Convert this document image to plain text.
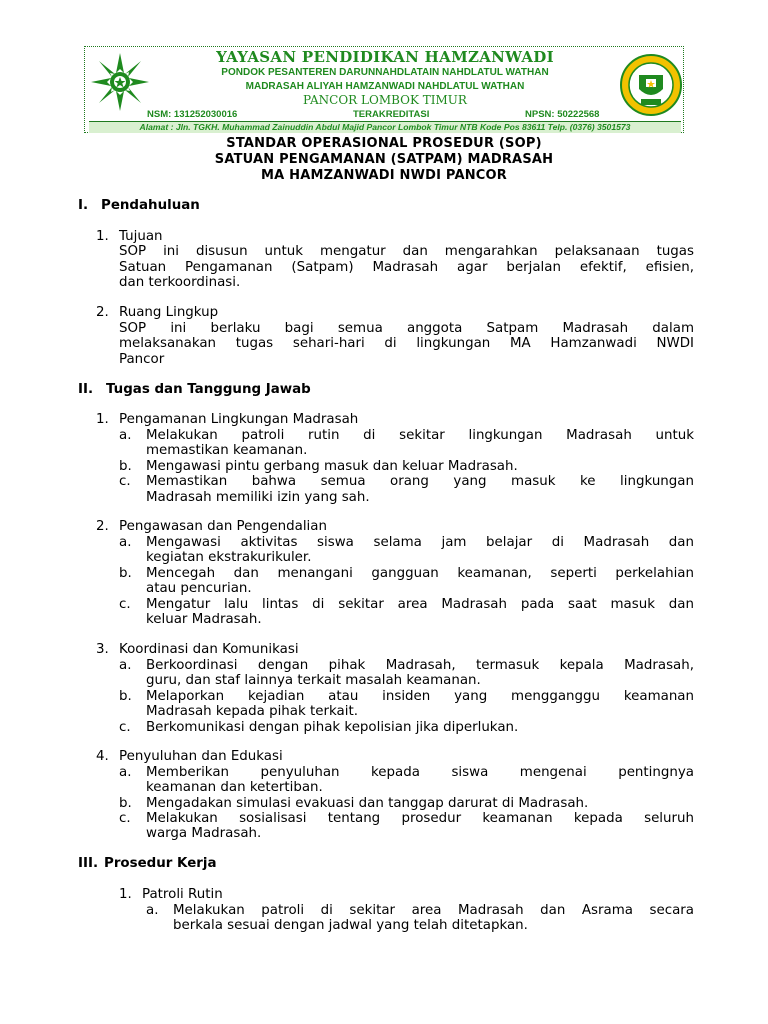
YAYASAN PENDIDIKAN HAMZANWADI
PONDOK PESANTEREN DARUNNAHDLATAIN NAHDLATUL WATHAN
MADRASAH ALIYAH HAMZANWADI NAHDLATUL WATHAN
PANCOR LOMBOK TIMUR
NSM: 131252030016	TERAKREDITASI	NPSN: 50222568
Alamat : Jln. TGKH. Muhammad Zainuddin Abdul Majid Pancor Lombok Timur NTB Kode Pos 83611 Telp. (0376) 3501573
STANDAR OPERASIONAL PROSEDUR (SOP)
SATUAN PENGAMANAN (SATPAM) MADRASAH
MA HAMZANWADI NWDI PANCOR
I. Pendahuluan
1. Tujuan
SOP ini disusun untuk mengatur dan mengarahkan pelaksanaan tugas
Satuan Pengamanan (Satpam) Madrasah agar berjalan efektif, efisien,
dan terkoordinasi.
2. Ruang Lingkup
SOP ini berlaku bagi semua anggota Satpam Madrasah dalam
melaksanakan tugas sehari-hari di lingkungan MA Hamzanwadi NWDI
Pancor
II. Tugas dan Tanggung Jawab
1. Pengamanan Lingkungan Madrasah
a. Melakukan patroli rutin di sekitar lingkungan Madrasah untuk
memastikan keamanan.
b. Mengawasi pintu gerbang masuk dan keluar Madrasah.
c. Memastikan bahwa semua orang yang masuk ke lingkungan
Madrasah memiliki izin yang sah.
2. Pengawasan dan Pengendalian
a. Mengawasi aktivitas siswa selama jam belajar di Madrasah dan
kegiatan ekstrakurikuler.
b. Mencegah dan menangani gangguan keamanan, seperti perkelahian
atau pencurian.
c. Mengatur lalu lintas di sekitar area Madrasah pada saat masuk dan
keluar Madrasah.
3. Koordinasi dan Komunikasi
a. Berkoordinasi dengan pihak Madrasah, termasuk kepala Madrasah,
guru, dan staf lainnya terkait masalah keamanan.
b. Melaporkan kejadian atau insiden yang mengganggu keamanan
Madrasah kepada pihak terkait.
c. Berkomunikasi dengan pihak kepolisian jika diperlukan.
4. Penyuluhan dan Edukasi
a. Memberikan penyuluhan kepada siswa mengenai pentingnya
keamanan dan ketertiban.
b. Mengadakan simulasi evakuasi dan tanggap darurat di Madrasah.
c. Melakukan sosialisasi tentang prosedur keamanan kepada seluruh
warga Madrasah.
III. Prosedur Kerja
1. Patroli Rutin
a. Melakukan patroli di sekitar area Madrasah dan Asrama secara
berkala sesuai dengan jadwal yang telah ditetapkan.
